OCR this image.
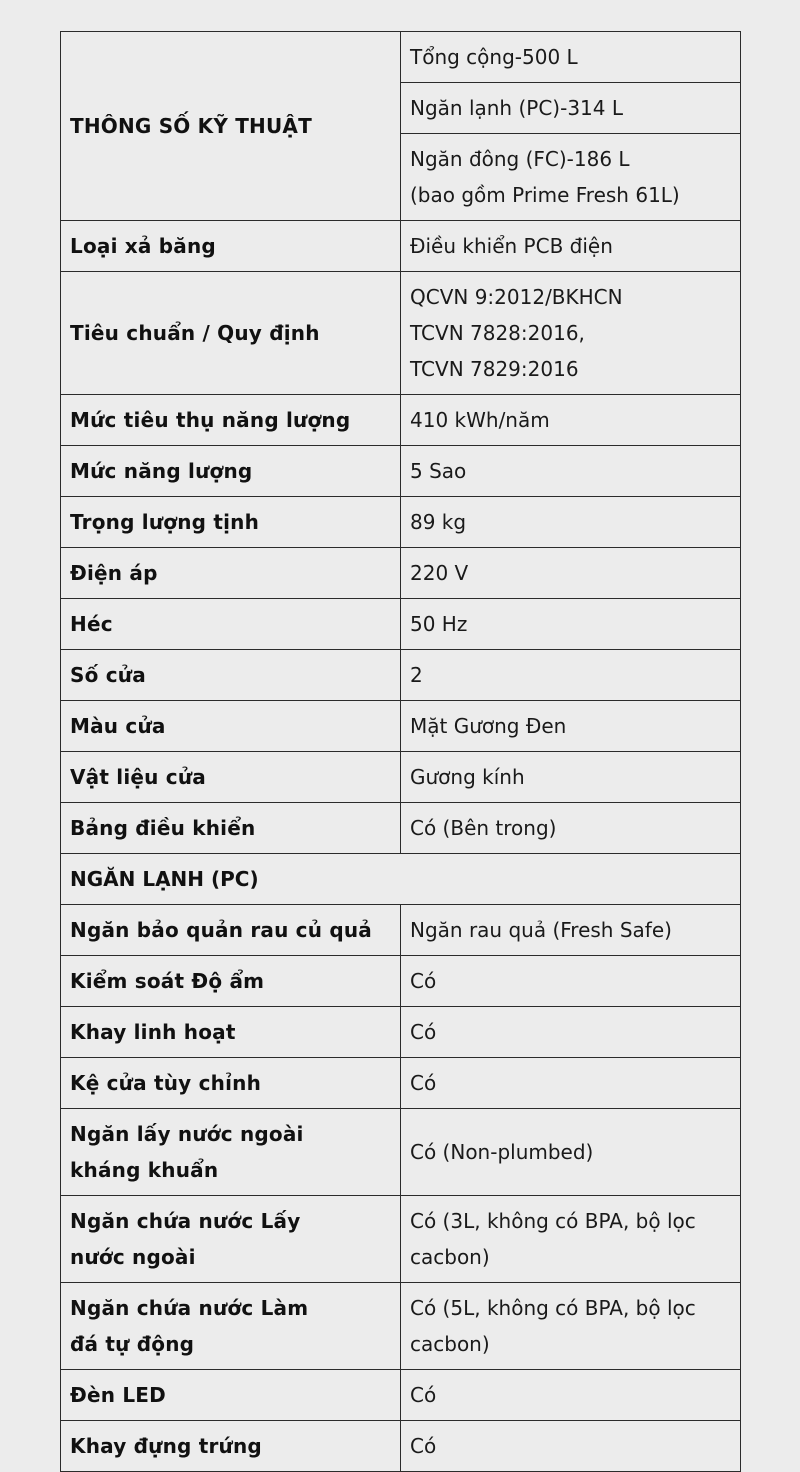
THÔNG SỐ KỸ THUẬT	Tổng cộng-500 L

	Ngăn lạnh (PC)-314 L

	Ngăn đông (FC)-186 L
(bao gồm Prime Fresh 61L)

Loại xả băng	Điều khiển PCB điện

Tiêu chuẩn / Quy định	QCVN 9:2012/BKHCN
TCVN 7828:2016,
TCVN 7829:2016

Mức tiêu thụ năng lượng	410 kWh/năm

Mức năng lượng	5 Sao

Trọng lượng tịnh	89 kg

Điện áp	220 V

Héc	50 Hz

Số cửa	2

Màu cửa	Mặt Gương Đen

Vật liệu cửa	Gương kính

Bảng điều khiển	Có (Bên trong)

NGĂN LẠNH (PC)	

Ngăn bảo quản rau củ quả	Ngăn rau quả (Fresh Safe)

Kiểm soát Độ ẩm	Có

Khay linh hoạt	Có

Kệ cửa tùy chỉnh	Có

Ngăn lấy nước ngoài
kháng khuẩn	Có (Non-plumbed)

Ngăn chứa nước Lấy
nước ngoài	Có (3L, không có BPA, bộ lọc
cacbon)

Ngăn chứa nước Làm
đá tự động	Có (5L, không có BPA, bộ lọc
cacbon)

Đèn LED	Có

Khay đựng trứng	Có
